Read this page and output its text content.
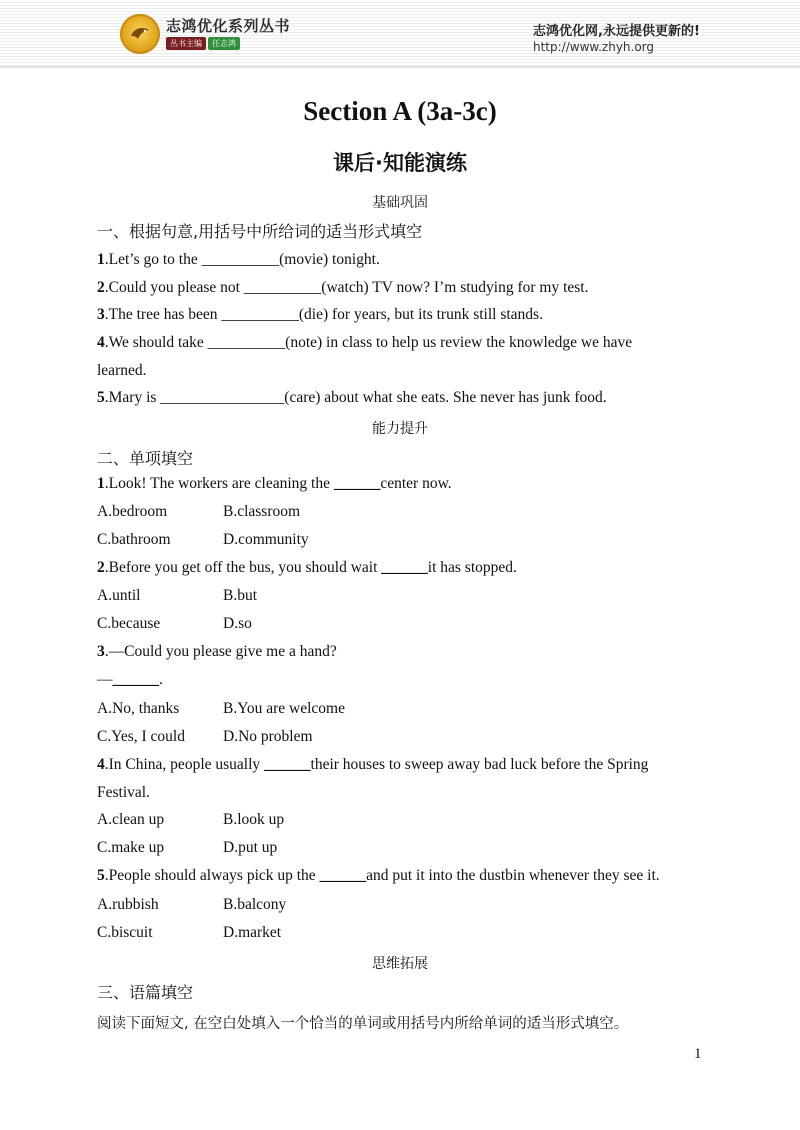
志鸿优化系列丛书
丛书主编	任志鸿
志鸿优化网,永远提供更新的!
http://www.zhyh.org
Section A (3a-3c)
课后·知能演练
基础巩固
一、根据句意,用括号中所给词的适当形式填空
1.Let’s go to the __________(movie) tonight.
2.Could you please not __________(watch) TV now? I’m studying for my test.
3.The tree has been __________(die) for years, but its trunk still stands.
4.We should take __________(note) in class to help us review the knowledge we have
learned.
5.Mary is ________________(care) about what she eats. She never has junk food.
能力提升
二、单项填空
1.Look! The workers are cleaning the ______center now.
A.bedroom	B.classroom
C.bathroom	D.community
2.Before you get off the bus, you should wait ______it has stopped.
A.until	B.but
C.because	D.so
3.—Could you please give me a hand?
—______.
A.No, thanks	B.You are welcome
C.Yes, I could D.No problem
4.In China, people usually ______their houses to sweep away bad luck before the Spring
Festival.
A.clean up	B.look up
C.make up	D.put up
5.People should always pick up the ______and put it into the dustbin whenever they see it.
A.rubbish	B.balcony
C.biscuit	D.market
思维拓展
三、语篇填空
阅读下面短文, 在空白处填入一个恰当的单词或用括号内所给单词的适当形式填空。
1
